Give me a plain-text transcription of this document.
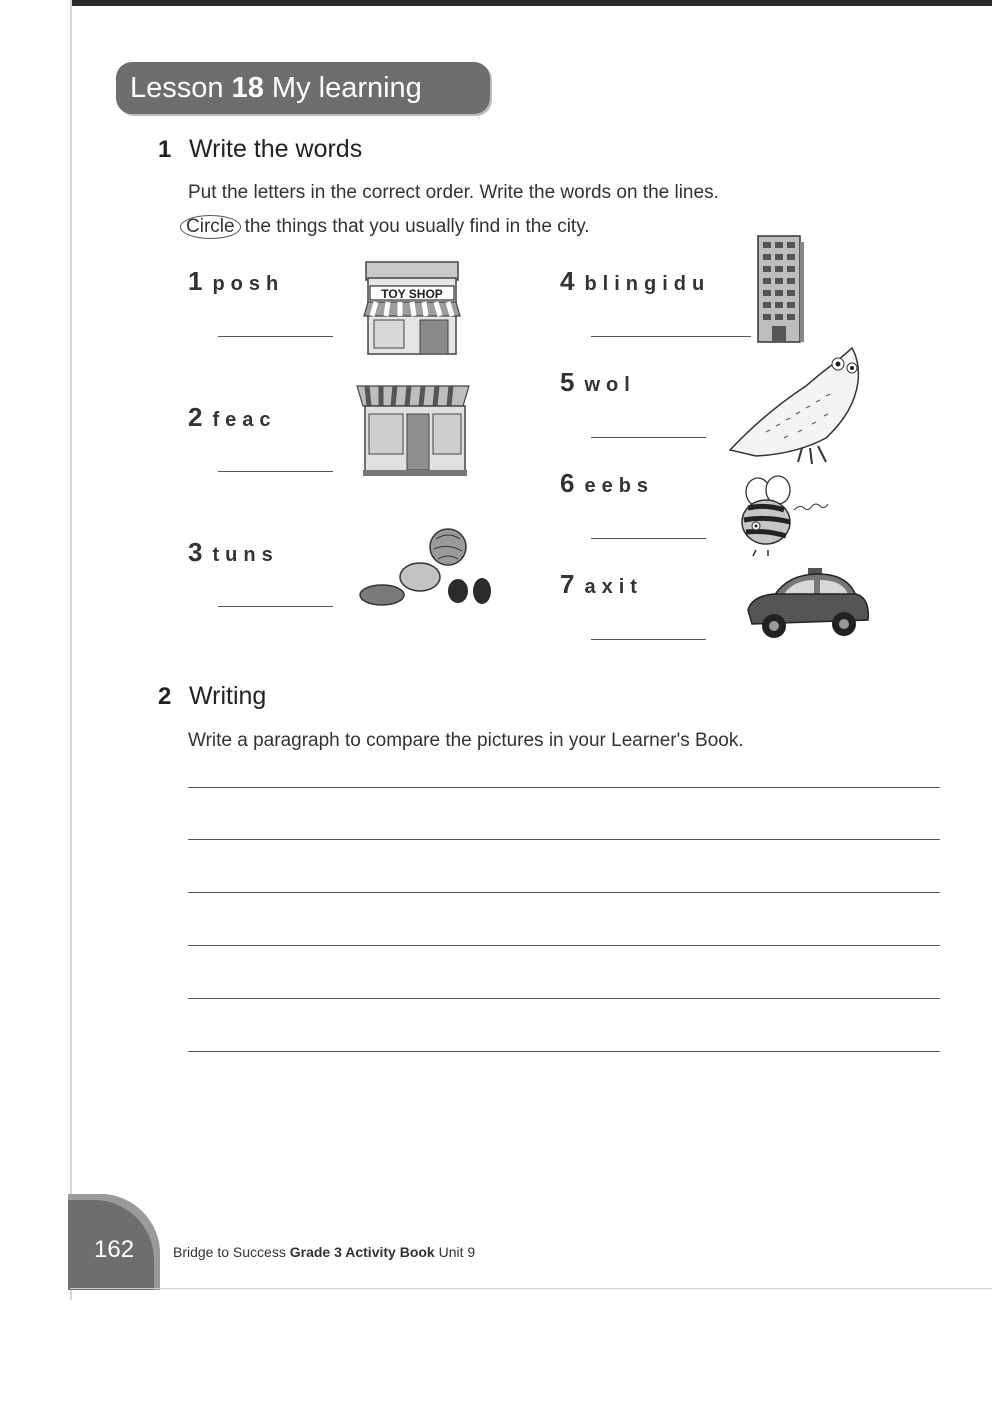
Lesson 18 My learning
1 Write the words
Put the letters in the correct order. Write the words on the lines.
Circle the things that you usually find in the city.
1 posh	TOY SHOP
2 feac
3 tuns
4 blingidu
5 wol
6 eebs
7 axit
2 Writing
Write a paragraph to compare the pictures in your Learner's Book.
162	Bridge to Success Grade 3 Activity Book Unit 9
